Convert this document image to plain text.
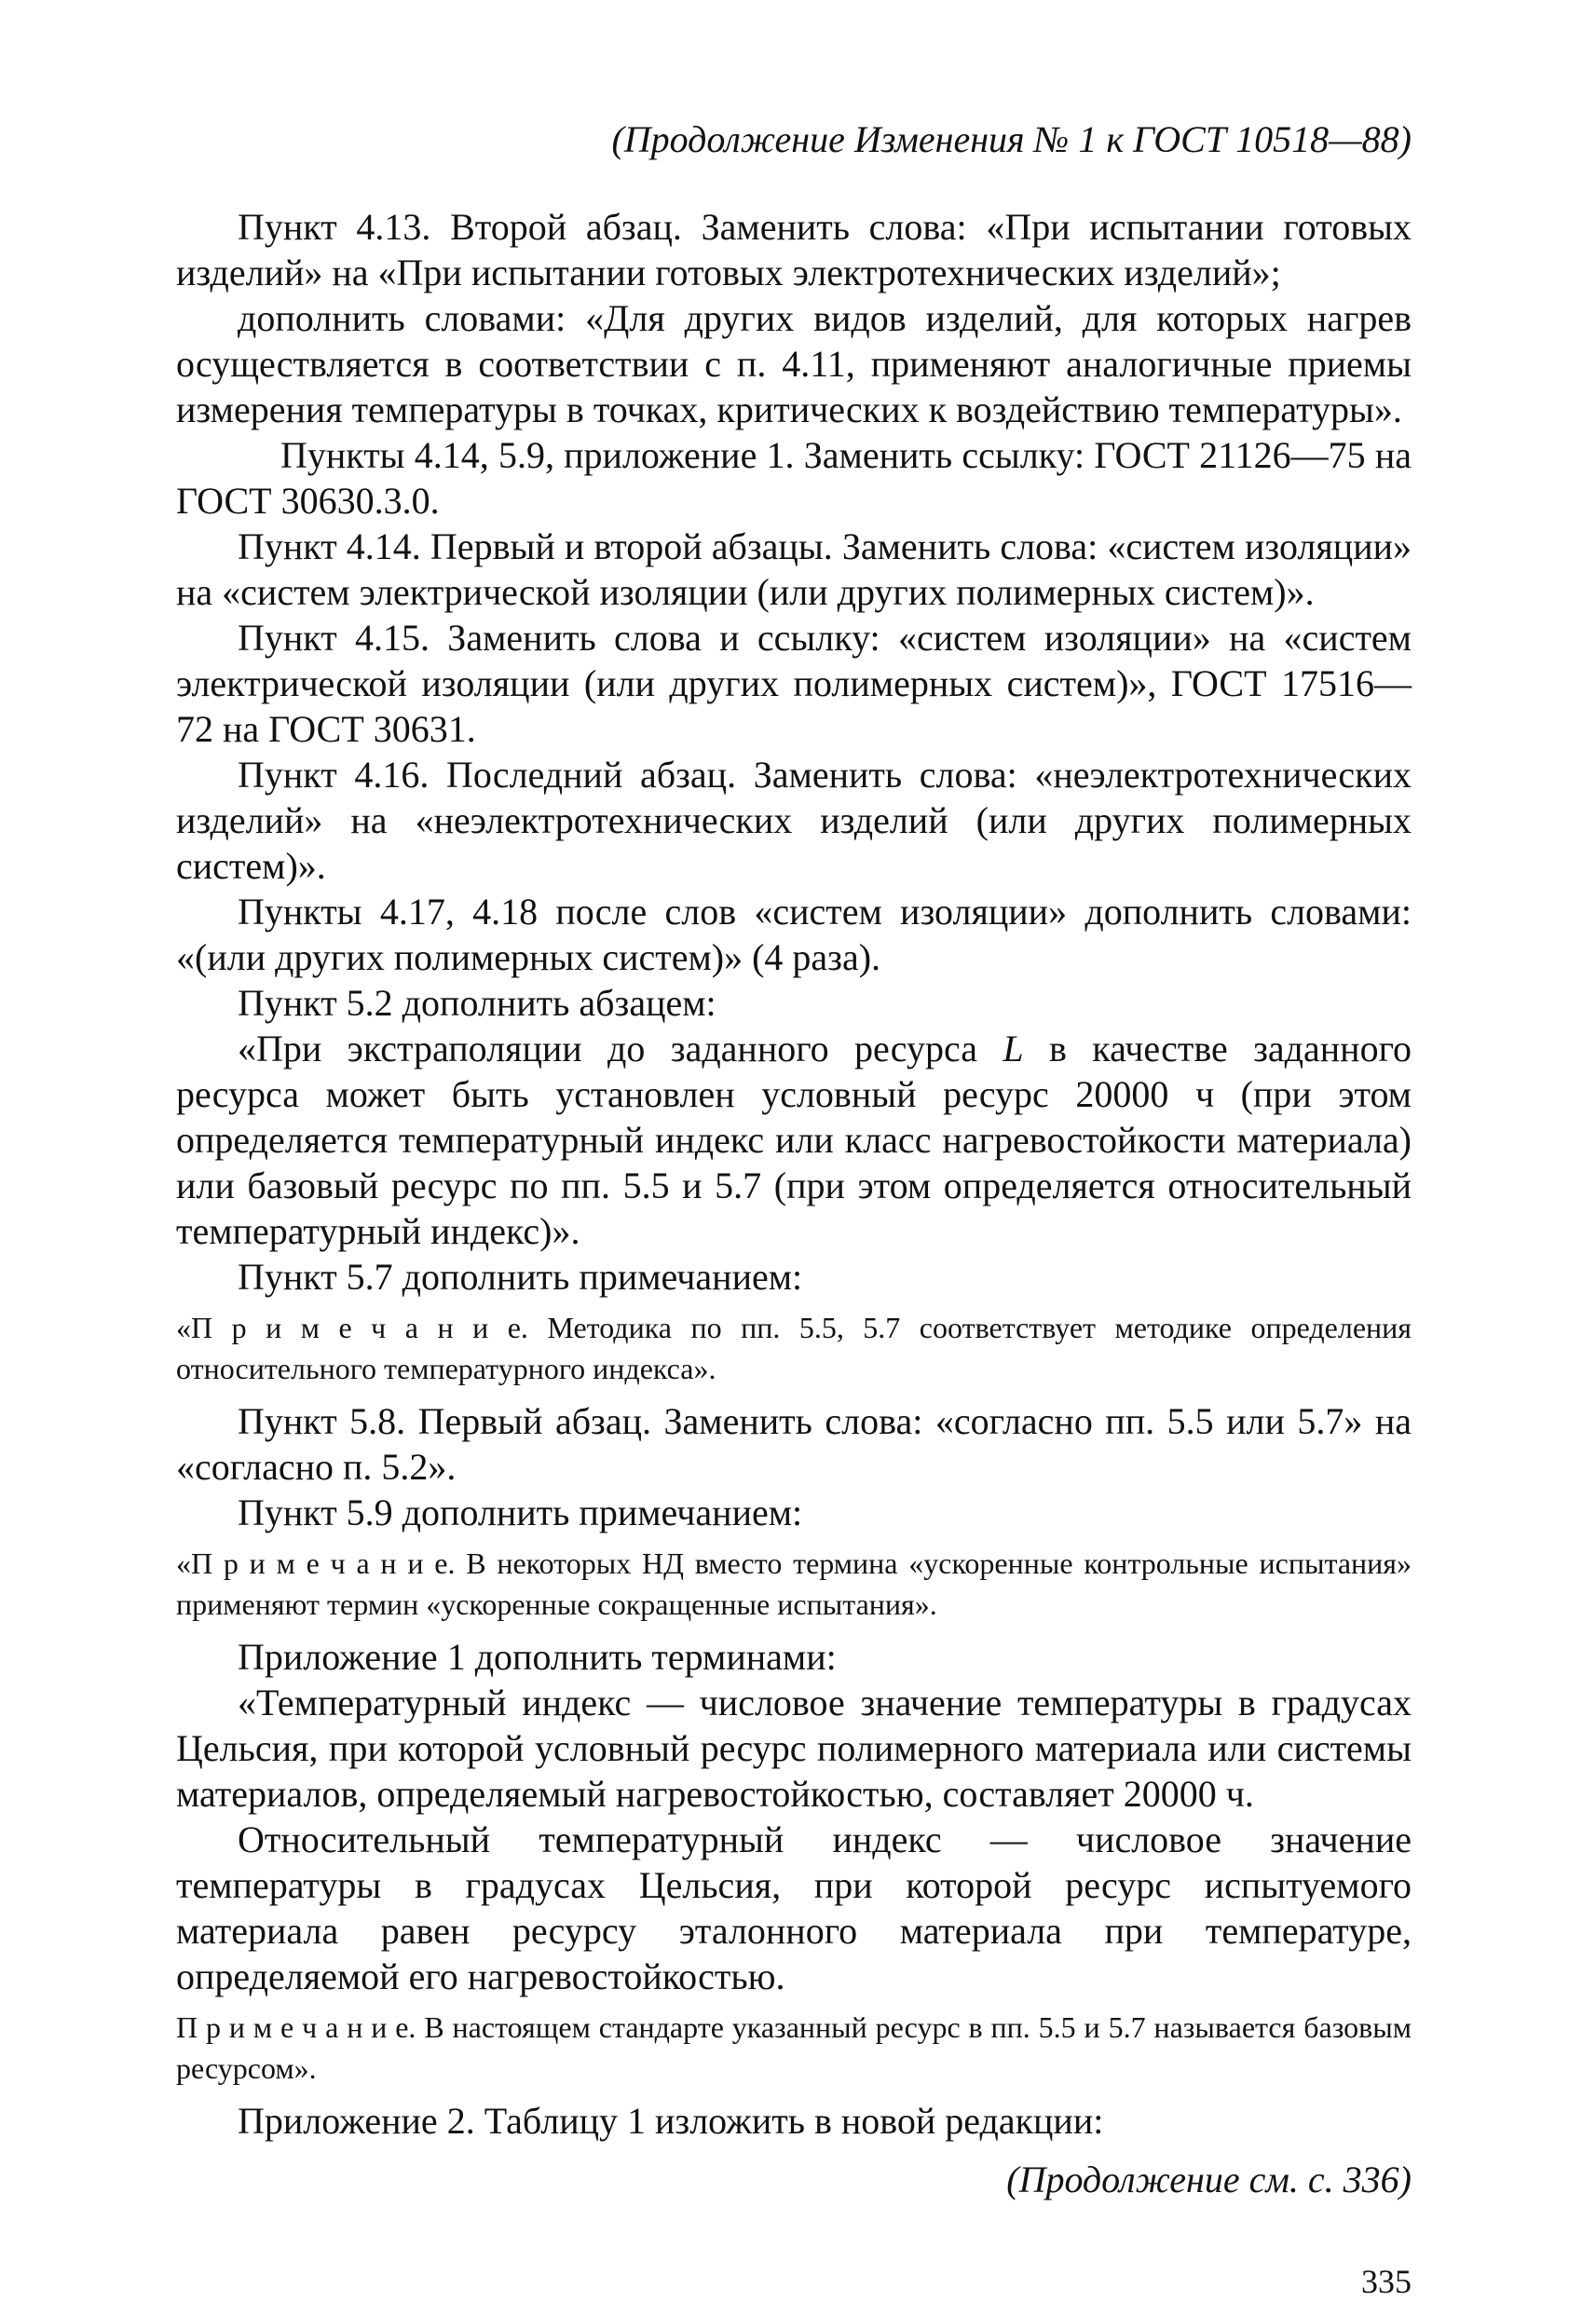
(Продолжение Изменения № 1 к ГОСТ 10518—88)

Пункт 4.13. Второй абзац. Заменить слова: «При испытании готовых изделий» на «При испытании готовых электротехнических изделий»;

дополнить словами: «Для других видов изделий, для которых нагрев осуществляется в соответствии с п. 4.11, применяют аналогичные приемы измерения температуры в точках, критических к воздействию температуры».

Пункты 4.14, 5.9, приложение 1. Заменить ссылку: ГОСТ 21126—75 на ГОСТ 30630.3.0.

Пункт 4.14. Первый и второй абзацы. Заменить слова: «систем изоляции» на «систем электрической изоляции (или других полимерных систем)».

Пункт 4.15. Заменить слова и ссылку: «систем изоляции» на «систем электрической изоляции (или других полимерных систем)», ГОСТ 17516—72 на ГОСТ 30631.

Пункт 4.16. Последний абзац. Заменить слова: «неэлектротехнических изделий» на «неэлектротехнических изделий (или других полимерных систем)».

Пункты 4.17, 4.18 после слов «систем изоляции» дополнить словами: «(или других полимерных систем)» (4 раза).

Пункт 5.2 дополнить абзацем:

«При экстраполяции до заданного ресурса L в качестве заданного ресурса может быть установлен условный ресурс 20000 ч (при этом определяется температурный индекс или класс нагревостойкости материала) или базовый ресурс по пп. 5.5 и 5.7 (при этом определяется относительный температурный индекс)».

Пункт 5.7 дополнить примечанием:

«П р и м е ч а н и е. Методика по пп. 5.5, 5.7 соответствует методике определения относительного температурного индекса».

Пункт 5.8. Первый абзац. Заменить слова: «согласно пп. 5.5 или 5.7» на «согласно п. 5.2».

Пункт 5.9 дополнить примечанием:

«П р и м е ч а н и е. В некоторых НД вместо термина «ускоренные контрольные испытания» применяют термин «ускоренные сокращенные испытания».

Приложение 1 дополнить терминами:

«Температурный индекс — числовое значение температуры в градусах Цельсия, при которой условный ресурс полимерного материала или системы материалов, определяемый нагревостойкостью, составляет 20000 ч.

Относительный температурный индекс — числовое значение температуры в градусах Цельсия, при которой ресурс испытуемого материала равен ресурсу эталонного материала при температуре, определяемой его нагревостойкостью.

П р и м е ч а н и е. В настоящем стандарте указанный ресурс в пп. 5.5 и 5.7 называется базовым ресурсом».

Приложение 2. Таблицу 1 изложить в новой редакции:

(Продолжение см. с. 336)

335
